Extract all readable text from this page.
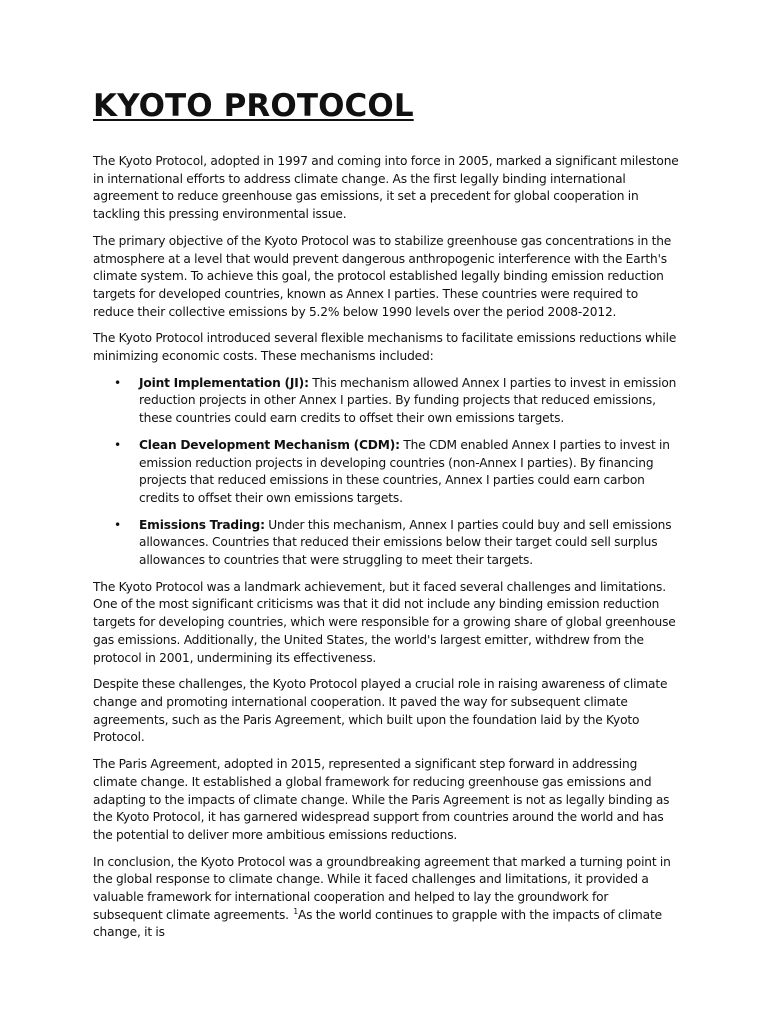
KYOTO PROTOCOL

The Kyoto Protocol, adopted in 1997 and coming into force in 2005, marked a significant milestone in international efforts to address climate change. As the first legally binding international agreement to reduce greenhouse gas emissions, it set a precedent for global cooperation in tackling this pressing environmental issue.

The primary objective of the Kyoto Protocol was to stabilize greenhouse gas concentrations in the atmosphere at a level that would prevent dangerous anthropogenic interference with the Earth's climate system. To achieve this goal, the protocol established legally binding emission reduction targets for developed countries, known as Annex I parties. These countries were required to reduce their collective emissions by 5.2% below 1990 levels over the period 2008-2012.

The Kyoto Protocol introduced several flexible mechanisms to facilitate emissions reductions while minimizing economic costs. These mechanisms included:

• Joint Implementation (JI): This mechanism allowed Annex I parties to invest in emission reduction projects in other Annex I parties. By funding projects that reduced emissions, these countries could earn credits to offset their own emissions targets.
• Clean Development Mechanism (CDM): The CDM enabled Annex I parties to invest in emission reduction projects in developing countries (non-Annex I parties). By financing projects that reduced emissions in these countries, Annex I parties could earn carbon credits to offset their own emissions targets.
• Emissions Trading: Under this mechanism, Annex I parties could buy and sell emissions allowances. Countries that reduced their emissions below their target could sell surplus allowances to countries that were struggling to meet their targets.

The Kyoto Protocol was a landmark achievement, but it faced several challenges and limitations. One of the most significant criticisms was that it did not include any binding emission reduction targets for developing countries, which were responsible for a growing share of global greenhouse gas emissions. Additionally, the United States, the world's largest emitter, withdrew from the protocol in 2001, undermining its effectiveness.

Despite these challenges, the Kyoto Protocol played a crucial role in raising awareness of climate change and promoting international cooperation. It paved the way for subsequent climate agreements, such as the Paris Agreement, which built upon the foundation laid by the Kyoto Protocol.

The Paris Agreement, adopted in 2015, represented a significant step forward in addressing climate change. It established a global framework for reducing greenhouse gas emissions and adapting to the impacts of climate change. While the Paris Agreement is not as legally binding as the Kyoto Protocol, it has garnered widespread support from countries around the world and has the potential to deliver more ambitious emissions reductions.

In conclusion, the Kyoto Protocol was a groundbreaking agreement that marked a turning point in the global response to climate change. While it faced challenges and limitations, it provided a valuable framework for international cooperation and helped to lay the groundwork for subsequent climate agreements. $^1$As the world continues to grapple with the impacts of climate change, it is
